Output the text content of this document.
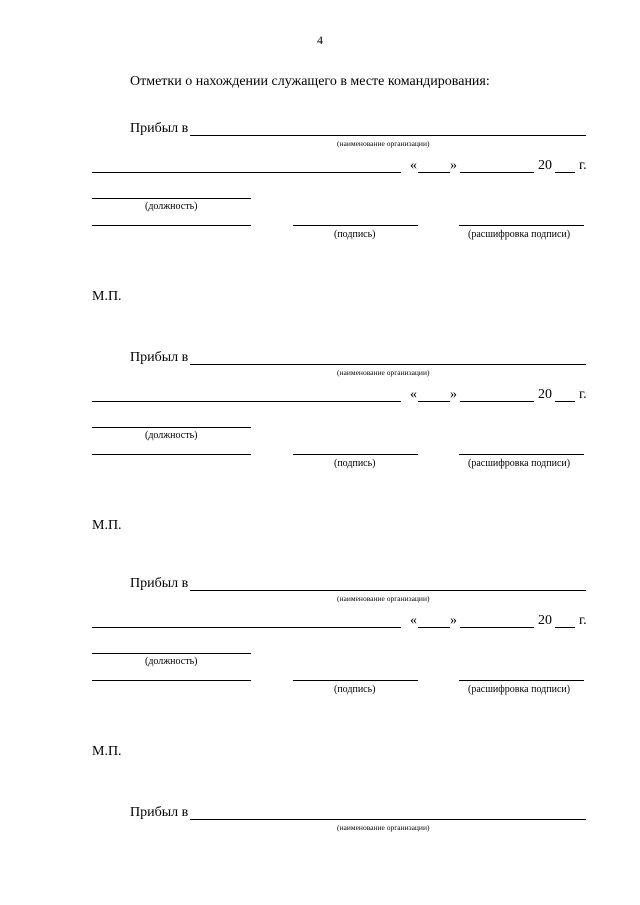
4
Отметки о нахождении служащего в месте командирования:
Прибыл в
(наименование организации)
« »	20 г.
(должность)
(подпись)	(расшифровка подписи)
М.П.
Прибыл в
(наименование организации)
« »	20 г.
(должность)
(подпись)	(расшифровка подписи)
М.П.
Прибыл в
(наименование организации)
« »	20 г.
(должность)
(подпись)	(расшифровка подписи)
М.П.
Прибыл в
(наименование организации)
